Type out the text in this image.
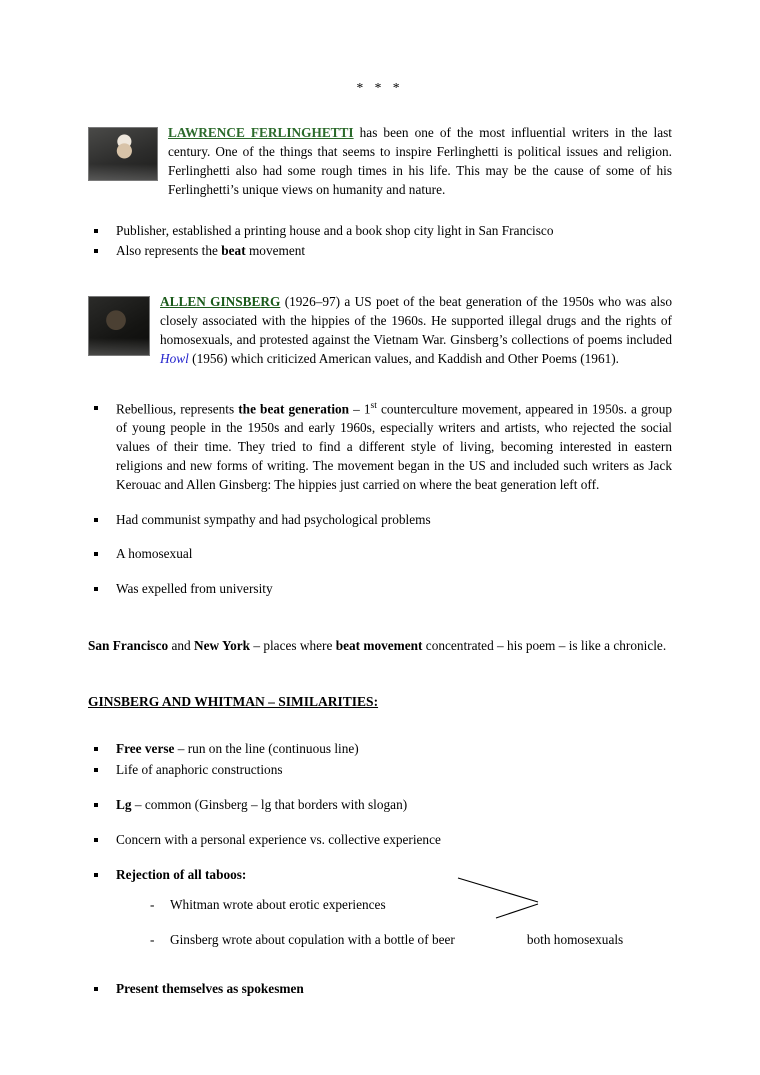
* * *
LAWRENCE FERLINGHETTI has been one of the most influential writers in the last century. One of the things that seems to inspire Ferlinghetti is political issues and religion. Ferlinghetti also had some rough times in his life. This may be the cause of some of his Ferlinghetti’s unique views on humanity and nature.
Publisher, established a printing house and a book shop city light in San Francisco
Also represents the beat movement
ALLEN GINSBERG (1926–97) a US poet of the beat generation of the 1950s who was also closely associated with the hippies of the 1960s. He supported illegal drugs and the rights of homosexuals, and protested against the Vietnam War. Ginsberg’s collections of poems included Howl (1956) which criticized American values, and Kaddish and Other Poems (1961).
Rebellious, represents the beat generation – 1st counterculture movement, appeared in 1950s. a group of young people in the 1950s and early 1960s, especially writers and artists, who rejected the social values of their time. They tried to find a different style of living, becoming interested in eastern religions and new forms of writing. The movement began in the US and included such writers as Jack Kerouac and Allen Ginsberg: The hippies just carried on where the beat generation left off.
Had communist sympathy and had psychological problems
A homosexual
Was expelled from university
San Francisco and New York – places where beat movement concentrated – his poem – is like a chronicle.
GINSBERG AND WHITMAN – SIMILARITIES:
Free verse – run on the line (continuous line)
Life of anaphoric constructions
Lg – common (Ginsberg – lg that borders with slogan)
Concern with a personal experience vs. collective experience
Rejection of all taboos:
- Whitman wrote about erotic experiences
- Ginsberg wrote about copulation with a bottle of beer	both homosexuals
Present themselves as spokesmen
